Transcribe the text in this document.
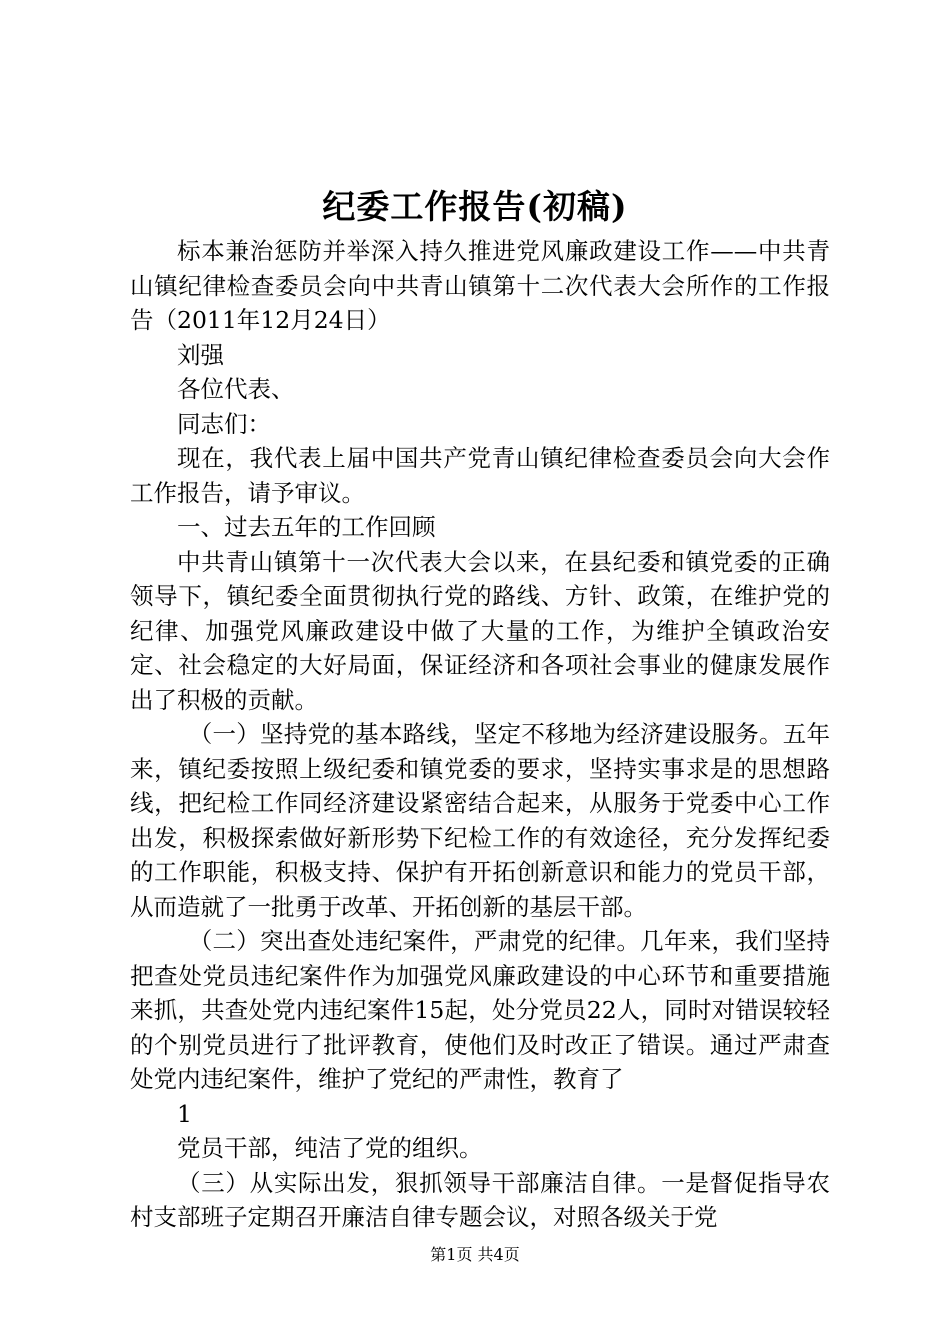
纪委工作报告(初稿)

标本兼治惩防并举深入持久推进党风廉政建设工作——中共青山镇纪律检查委员会向中共青山镇第十二次代表大会所作的工作报告（2011年12月24日）

刘强

各位代表、

同志们：

现在，我代表上届中国共产党青山镇纪律检查委员会向大会作工作报告，请予审议。

一、过去五年的工作回顾

中共青山镇第十一次代表大会以来，在县纪委和镇党委的正确领导下，镇纪委全面贯彻执行党的路线、方针、政策，在维护党的纪律、加强党风廉政建设中做了大量的工作，为维护全镇政治安定、社会稳定的大好局面，保证经济和各项社会事业的健康发展作出了积极的贡献。

（一）坚持党的基本路线，坚定不移地为经济建设服务。五年来，镇纪委按照上级纪委和镇党委的要求，坚持实事求是的思想路线，把纪检工作同经济建设紧密结合起来，从服务于党委中心工作出发，积极探索做好新形势下纪检工作的有效途径，充分发挥纪委的工作职能，积极支持、保护有开拓创新意识和能力的党员干部，从而造就了一批勇于改革、开拓创新的基层干部。

（二）突出查处违纪案件，严肃党的纪律。几年来，我们坚持把查处党员违纪案件作为加强党风廉政建设的中心环节和重要措施来抓，共查处党内违纪案件15起，处分党员22人，同时对错误较轻的个别党员进行了批评教育，使他们及时改正了错误。通过严肃查处党内违纪案件，维护了党纪的严肃性，教育了

1

党员干部，纯洁了党的组织。

（三）从实际出发，狠抓领导干部廉洁自律。一是督促指导农村支部班子定期召开廉洁自律专题会议，对照各级关于党

第1页 共4页
